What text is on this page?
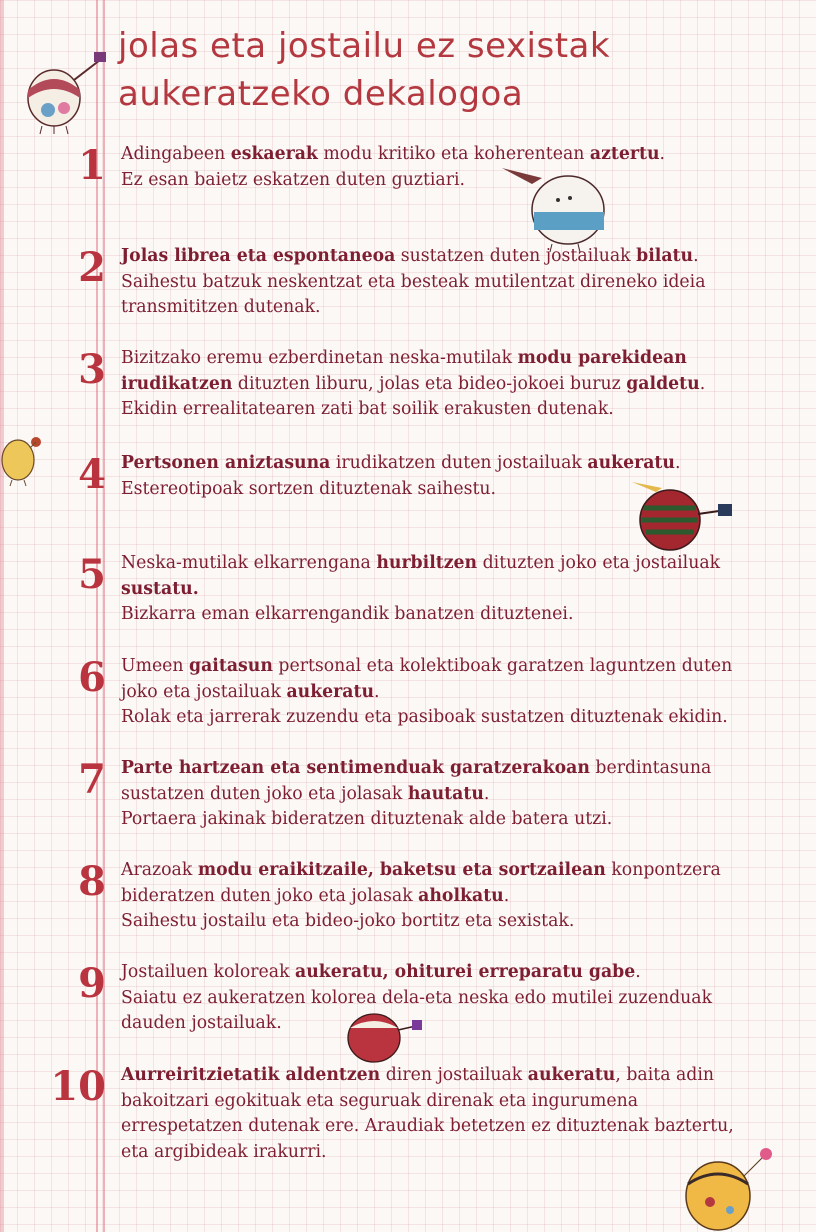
jolas eta jostailu ez sexistak
aukeratzeko dekalogoa
1 Adingabeen eskaerak modu kritiko eta koherentean aztertu.
Ez esan baietz eskatzen duten guztiari.
2 Jolas librea eta espontaneoa sustatzen duten jostailuak bilatu.
Saihestu batzuk neskentzat eta besteak mutilentzat direneko ideia
transmititzen dutenak.
3 Bizitzako eremu ezberdinetan neska-mutilak modu parekidean
irudikatzen dituzten liburu, jolas eta bideo-jokoei buruz galdetu.
Ekidin errealitatearen zati bat soilik erakusten dutenak.
4 Pertsonen aniztasuna irudikatzen duten jostailuak aukeratu.
Estereotipoak sortzen dituztenak saihestu.
5 Neska-mutilak elkarrengana hurbiltzen dituzten joko eta jostailuak
sustatu.
Bizkarra eman elkarrengandik banatzen dituztenei.
6 Umeen gaitasun pertsonal eta kolektiboak garatzen laguntzen duten
joko eta jostailuak aukeratu.
Rolak eta jarrerak zuzendu eta pasiboak sustatzen dituztenak ekidin.
7 Parte hartzean eta sentimenduak garatzerakoan berdintasuna
sustatzen duten joko eta jolasak hautatu.
Portaera jakinak bideratzen dituztenak alde batera utzi.
8 Arazoak modu eraikitzaile, baketsu eta sortzailean konpontzera
bideratzen duten joko eta jolasak aholkatu.
Saihestu jostailu eta bideo-joko bortitz eta sexistak.
9 Jostailuen koloreak aukeratu, ohiturei erreparatu gabe.
Saiatu ez aukeratzen kolorea dela-eta neska edo mutilei zuzenduak
dauden jostailuak.
10 Aurreiritzietatik aldentzen diren jostailuak aukeratu, baita adin
bakoitzari egokituak eta seguruak direnak eta ingurumena
errespetatzen dutenak ere. Araudiak betetzen ez dituztenak baztertu,
eta argibideak irakurri.
